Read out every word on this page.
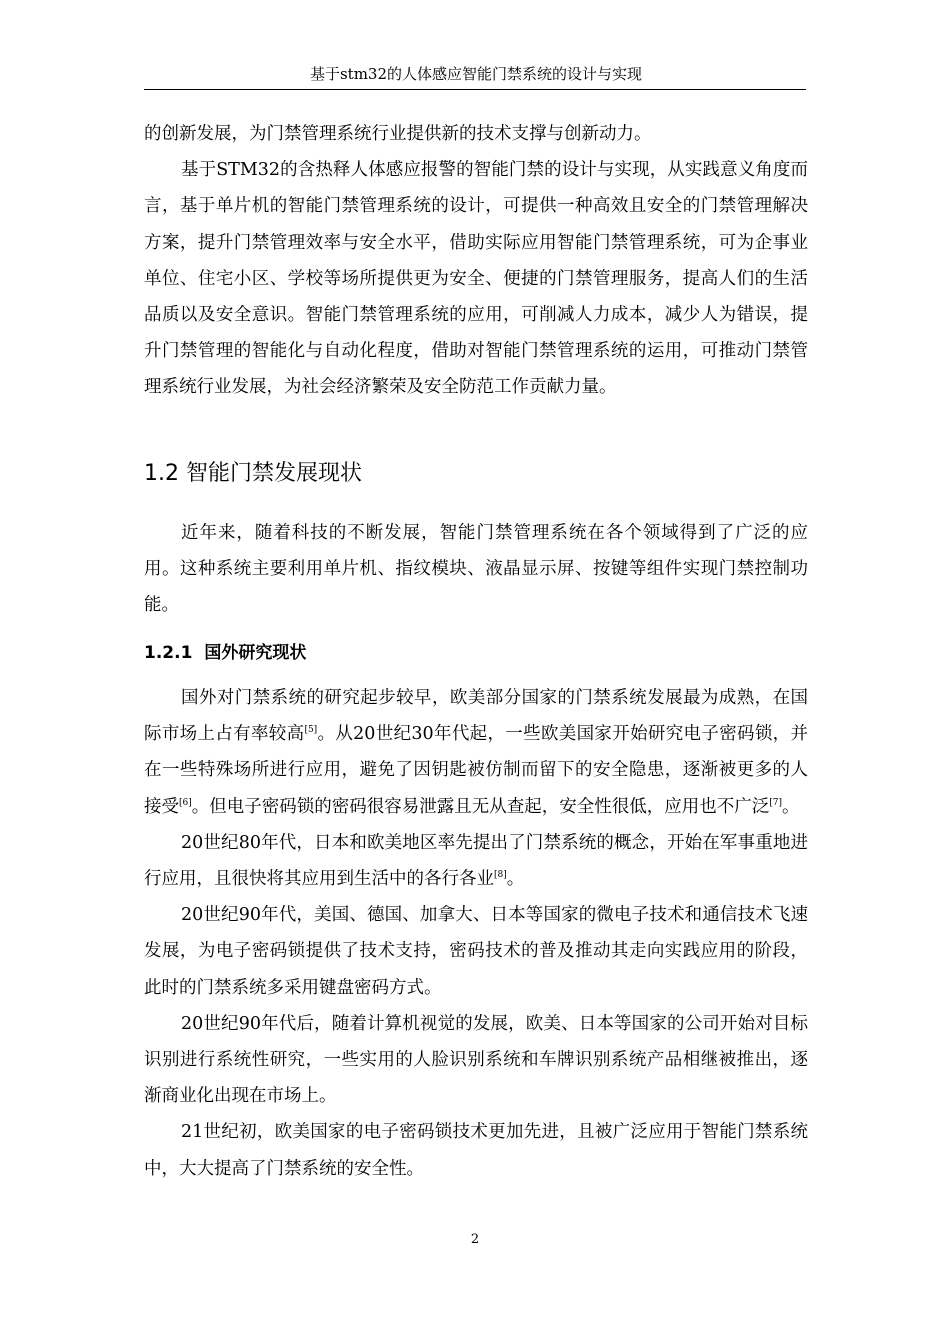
基于stm32的人体感应智能门禁系统的设计与实现

的创新发展，为门禁管理系统行业提供新的技术支撑与创新动力。

基于STM32的含热释人体感应报警的智能门禁的设计与实现，从实践意义角度而言，基于单片机的智能门禁管理系统的设计，可提供一种高效且安全的门禁管理解决方案，提升门禁管理效率与安全水平，借助实际应用智能门禁管理系统，可为企事业单位、住宅小区、学校等场所提供更为安全、便捷的门禁管理服务，提高人们的生活品质以及安全意识。智能门禁管理系统的应用，可削减人力成本，减少人为错误，提升门禁管理的智能化与自动化程度，借助对智能门禁管理系统的运用，可推动门禁管理系统行业发展，为社会经济繁荣及安全防范工作贡献力量。

1.2 智能门禁发展现状

近年来，随着科技的不断发展，智能门禁管理系统在各个领域得到了广泛的应用。这种系统主要利用单片机、指纹模块、液晶显示屏、按键等组件实现门禁控制功能。

1.2.1 国外研究现状

国外对门禁系统的研究起步较早，欧美部分国家的门禁系统发展最为成熟，在国际市场上占有率较高[5]。从20世纪30年代起，一些欧美国家开始研究电子密码锁，并在一些特殊场所进行应用，避免了因钥匙被仿制而留下的安全隐患，逐渐被更多的人接受[6]。但电子密码锁的密码很容易泄露且无从查起，安全性很低，应用也不广泛[7]。

20世纪80年代，日本和欧美地区率先提出了门禁系统的概念，开始在军事重地进行应用，且很快将其应用到生活中的各行各业[8]。

20世纪90年代，美国、德国、加拿大、日本等国家的微电子技术和通信技术飞速发展，为电子密码锁提供了技术支持，密码技术的普及推动其走向实践应用的阶段，此时的门禁系统多采用键盘密码方式。

20世纪90年代后，随着计算机视觉的发展，欧美、日本等国家的公司开始对目标识别进行系统性研究，一些实用的人脸识别系统和车牌识别系统产品相继被推出，逐渐商业化出现在市场上。

21世纪初，欧美国家的电子密码锁技术更加先进，且被广泛应用于智能门禁系统中，大大提高了门禁系统的安全性。

2
